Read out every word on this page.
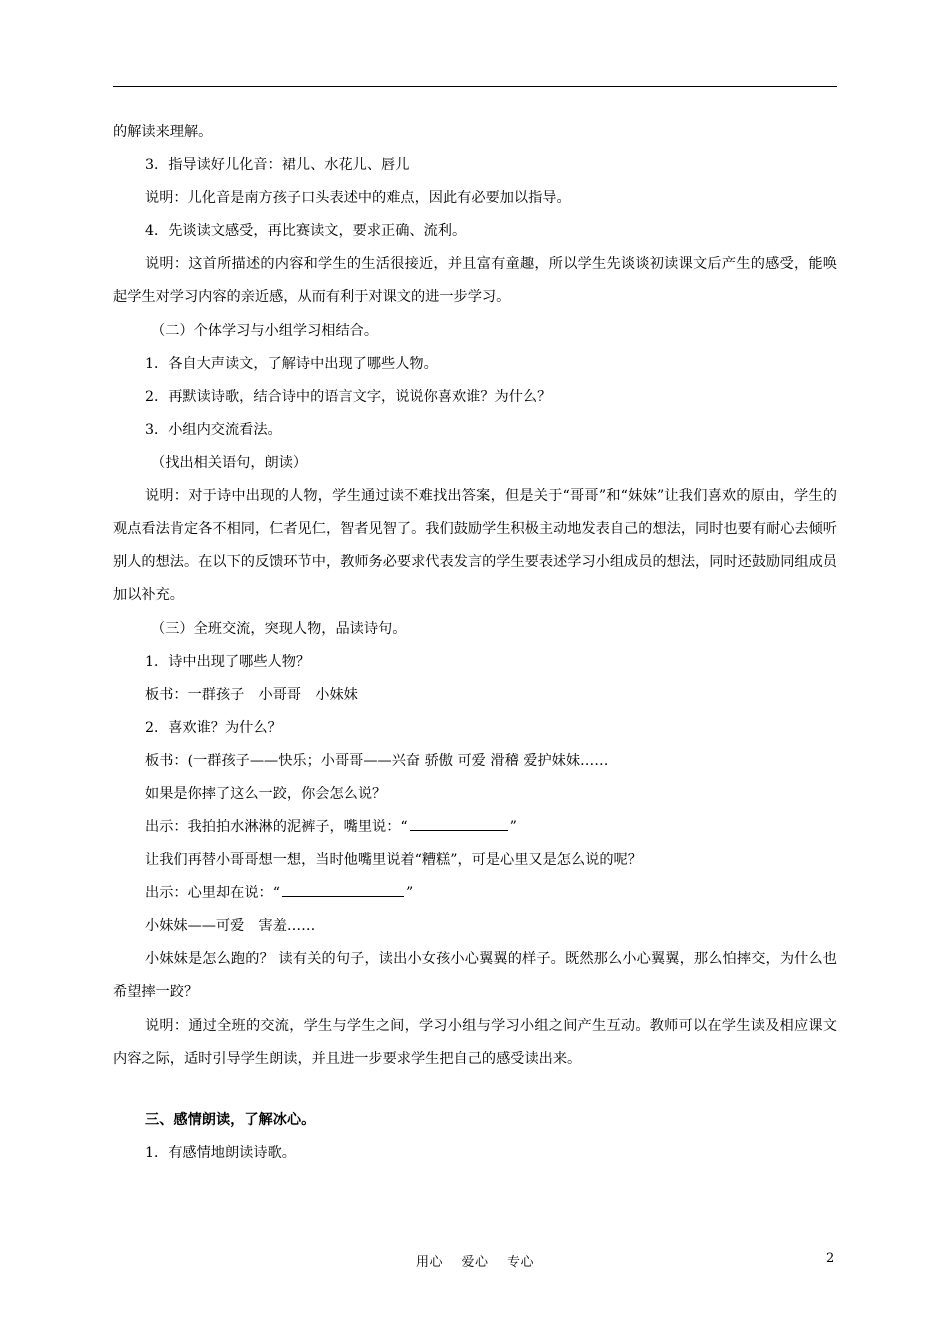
的解读来理解。
3．指导读好儿化音：裙儿、水花儿、唇儿
说明：儿化音是南方孩子口头表述中的难点，因此有必要加以指导。
4．先谈读文感受，再比赛读文，要求正确、流利。
说明：这首所描述的内容和学生的生活很接近，并且富有童趣，所以学生先谈谈初读课文后产生的感受，能唤起学生对学习内容的亲近感，从而有利于对课文的进一步学习。
（二）个体学习与小组学习相结合。
1．各自大声读文，了解诗中出现了哪些人物。
2．再默读诗歌，结合诗中的语言文字，说说你喜欢谁？为什么？
3．小组内交流看法。
（找出相关语句，朗读）
说明：对于诗中出现的人物，学生通过读不难找出答案，但是关于“哥哥”和“妹妹”让我们喜欢的原由，学生的观点看法肯定各不相同，仁者见仁，智者见智了。我们鼓励学生积极主动地发表自己的想法，同时也要有耐心去倾听别人的想法。在以下的反馈环节中，教师务必要求代表发言的学生要表述学习小组成员的想法，同时还鼓励同组成员加以补充。
（三）全班交流，突现人物，品读诗句。
1．诗中出现了哪些人物？
板书：一群孩子　小哥哥　小妹妹
2．喜欢谁？为什么？
板书：(一群孩子——快乐；小哥哥——兴奋 骄傲 可爱 滑稽 爱护妹妹……
如果是你摔了这么一跤，你会怎么说？
出示：我拍拍水淋淋的泥裤子，嘴里说：“	”
让我们再替小哥哥想一想，当时他嘴里说着“糟糕”，可是心里又是怎么说的呢？
出示：心里却在说：“	”
小妹妹——可爱　害羞……
小妹妹是怎么跑的？ 读有关的句子，读出小女孩小心翼翼的样子。既然那么小心翼翼，那么怕摔交，为什么也希望摔一跤？
说明：通过全班的交流，学生与学生之间，学习小组与学习小组之间产生互动。教师可以在学生读及相应课文内容之际，适时引导学生朗读，并且进一步要求学生把自己的感受读出来。
三、感情朗读，了解冰心。
1．有感情地朗读诗歌。
用心    爱心    专心	2
